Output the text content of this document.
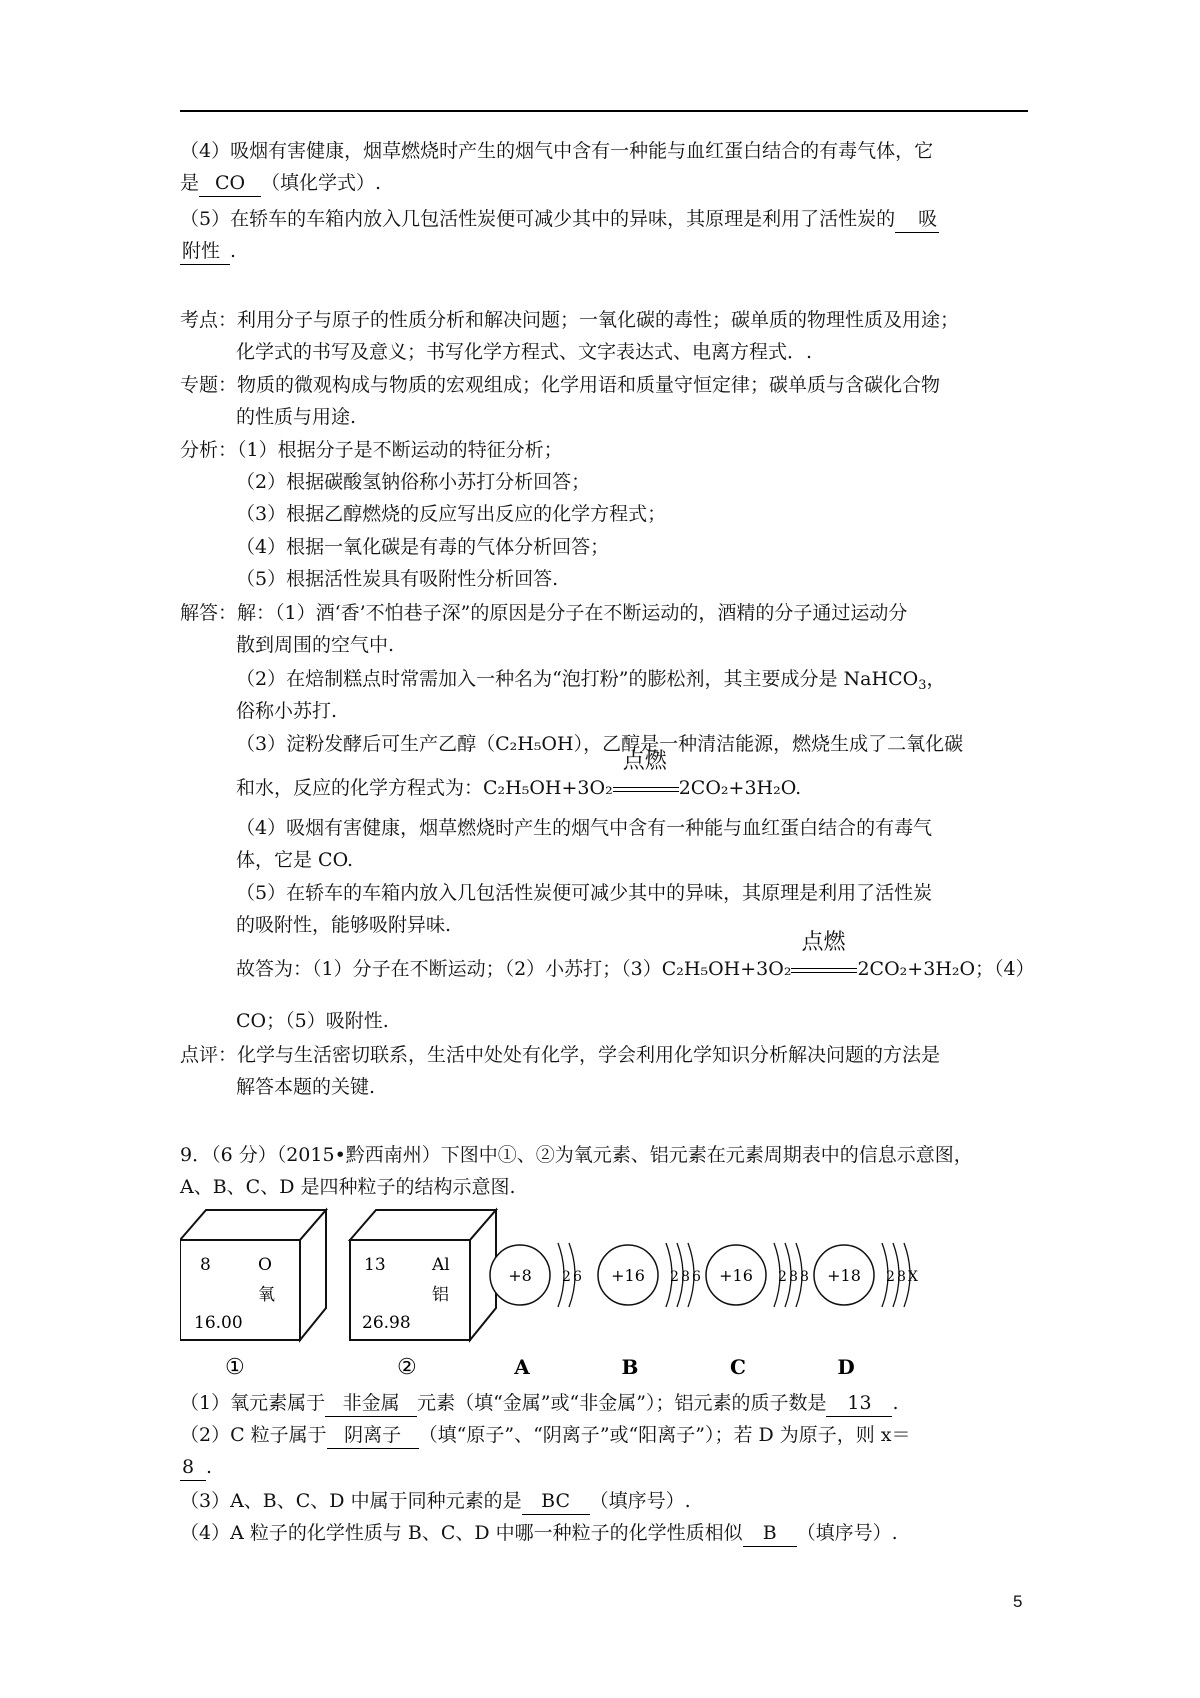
（4）吸烟有害健康，烟草燃烧时产生的烟气中含有一种能与血红蛋白结合的有毒气体，它
是 CO （填化学式）.
（5）在轿车的车箱内放入几包活性炭便可减少其中的异味，其原理是利用了活性炭的 吸
附性 .
考点：利用分子与原子的性质分析和解决问题；一氧化碳的毒性；碳单质的物理性质及用途；
化学式的书写及意义；书写化学方程式、文字表达式、电离方程式．.
专题：物质的微观构成与物质的宏观组成；化学用语和质量守恒定律；碳单质与含碳化合物
的性质与用途.
分析：（1）根据分子是不断运动的特征分析；
（2）根据碳酸氢钠俗称小苏打分析回答；
（3）根据乙醇燃烧的反应写出反应的化学方程式；
（4）根据一氧化碳是有毒的气体分析回答；
（5）根据活性炭具有吸附性分析回答.
解答：解：（1）酒‘香’不怕巷子深”的原因是分子在不断运动的，酒精的分子通过运动分
散到周围的空气中.
（2）在焙制糕点时常需加入一种名为“泡打粉”的膨松剂，其主要成分是 NaHCO$_3$，
俗称小苏打.
（3）淀粉发酵后可生产乙醇（C₂H₅OH），乙醇是一种清洁能源，燃烧生成了二氧化碳
和水，反应的化学方程式为：C₂H₅OH+3O₂
点燃
2CO₂+3H₂O.
（4）吸烟有害健康，烟草燃烧时产生的烟气中含有一种能与血红蛋白结合的有毒气
体，它是 CO.
（5）在轿车的车箱内放入几包活性炭便可减少其中的异味，其原理是利用了活性炭
的吸附性，能够吸附异味.
故答为：（1）分子在不断运动；（2）小苏打；（3）C₂H₅OH+3O₂
点燃
2CO₂+3H₂O；（4）
CO；（5）吸附性.
点评：化学与生活密切联系，生活中处处有化学，学会利用化学知识分析解决问题的方法是
解答本题的关键.
9．（6 分）（2015•黔西南州）下图中①、②为氧元素、铝元素在元素周期表中的信息示意图，
A、B、C、D 是四种粒子的结构示意图.
8	O
氧
16.00
①
13	Al
铝
26.98
②
+8 2 6
A
+16 2 8 6
B
+16 2 8 8
C
+18 2 8 X
D
（1）氧元素属于 非金属 元素（填“金属”或“非金属”）；铝元素的质子数是 13 .
（2）C 粒子属于 阴离子 （填“原子”、“阴离子”或“阳离子”）；若 D 为原子，则 x＝
8 .
（3）A、B、C、D 中属于同种元素的是 BC （填序号）.
（4）A 粒子的化学性质与 B、C、D 中哪一种粒子的化学性质相似 B （填序号）.
5
